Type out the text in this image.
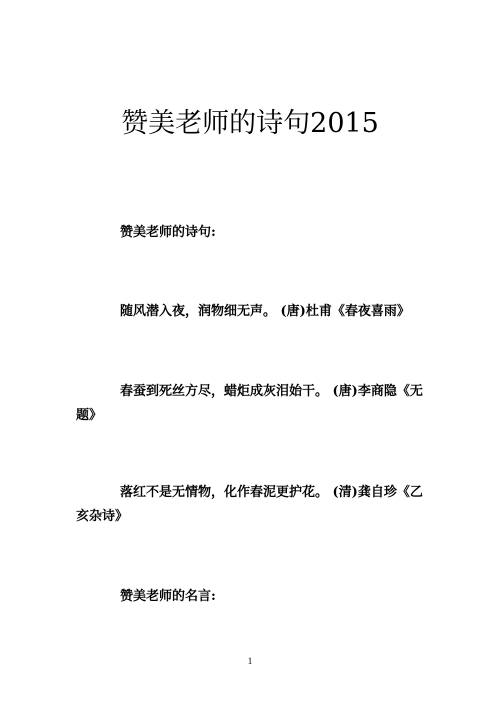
赞美老师的诗句2015

赞美老师的诗句:

随风潜入夜，润物细无声。 (唐)杜甫《春夜喜雨》

春蚕到死丝方尽，蜡炬成灰泪始干。 (唐)李商隐《无题》

落红不是无情物，化作春泥更护花。 (清)龚自珍《乙亥杂诗》

赞美老师的名言:

1
